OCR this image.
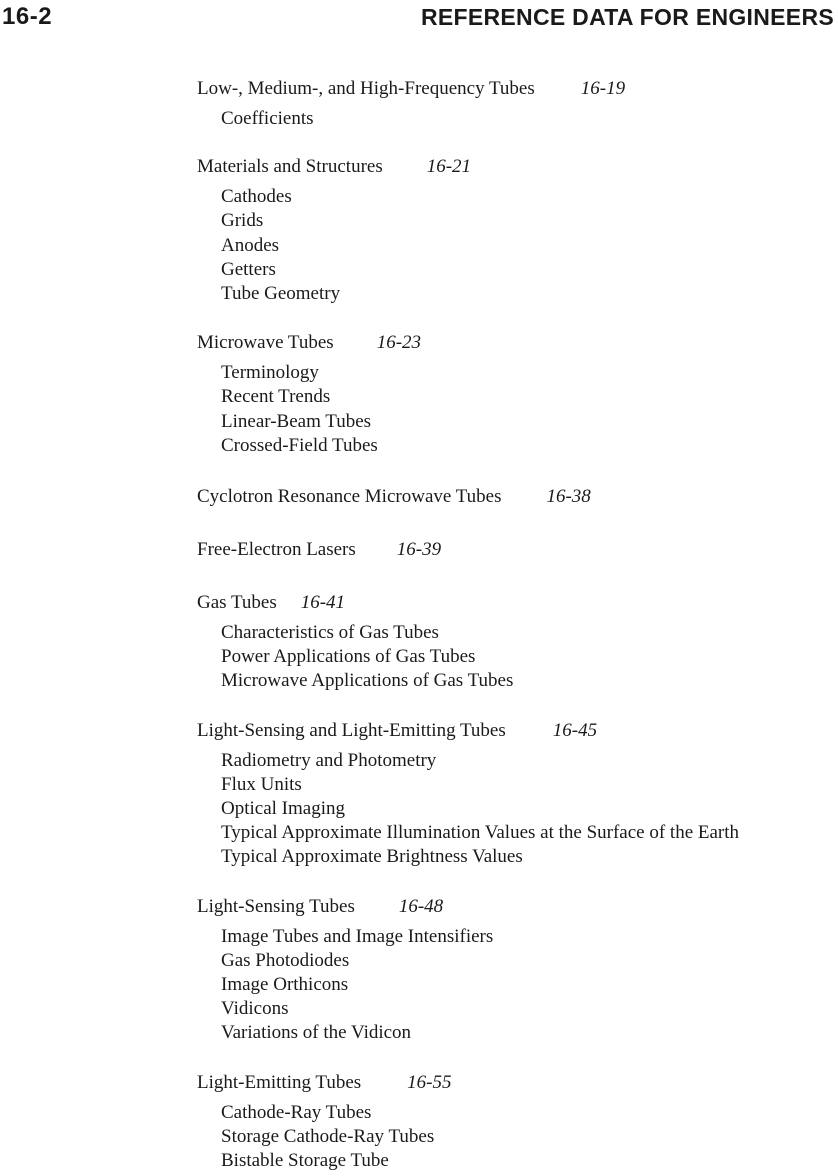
16-2	REFERENCE DATA FOR ENGINEERS
Low-, Medium-, and High-Frequency Tubes 16-19
Coefficients
Materials and Structures 16-21
Cathodes
Grids
Anodes
Getters
Tube Geometry
Microwave Tubes 16-23
Terminology
Recent Trends
Linear-Beam Tubes
Crossed-Field Tubes
Cyclotron Resonance Microwave Tubes 16-38
Free-Electron Lasers 16-39
Gas Tubes 16-41
Characteristics of Gas Tubes
Power Applications of Gas Tubes
Microwave Applications of Gas Tubes
Light-Sensing and Light-Emitting Tubes 16-45
Radiometry and Photometry
Flux Units
Optical Imaging
Typical Approximate Illumination Values at the Surface of the Earth
Typical Approximate Brightness Values
Light-Sensing Tubes 16-48
Image Tubes and Image Intensifiers
Gas Photodiodes
Image Orthicons
Vidicons
Variations of the Vidicon
Light-Emitting Tubes 16-55
Cathode-Ray Tubes
Storage Cathode-Ray Tubes
Bistable Storage Tube
